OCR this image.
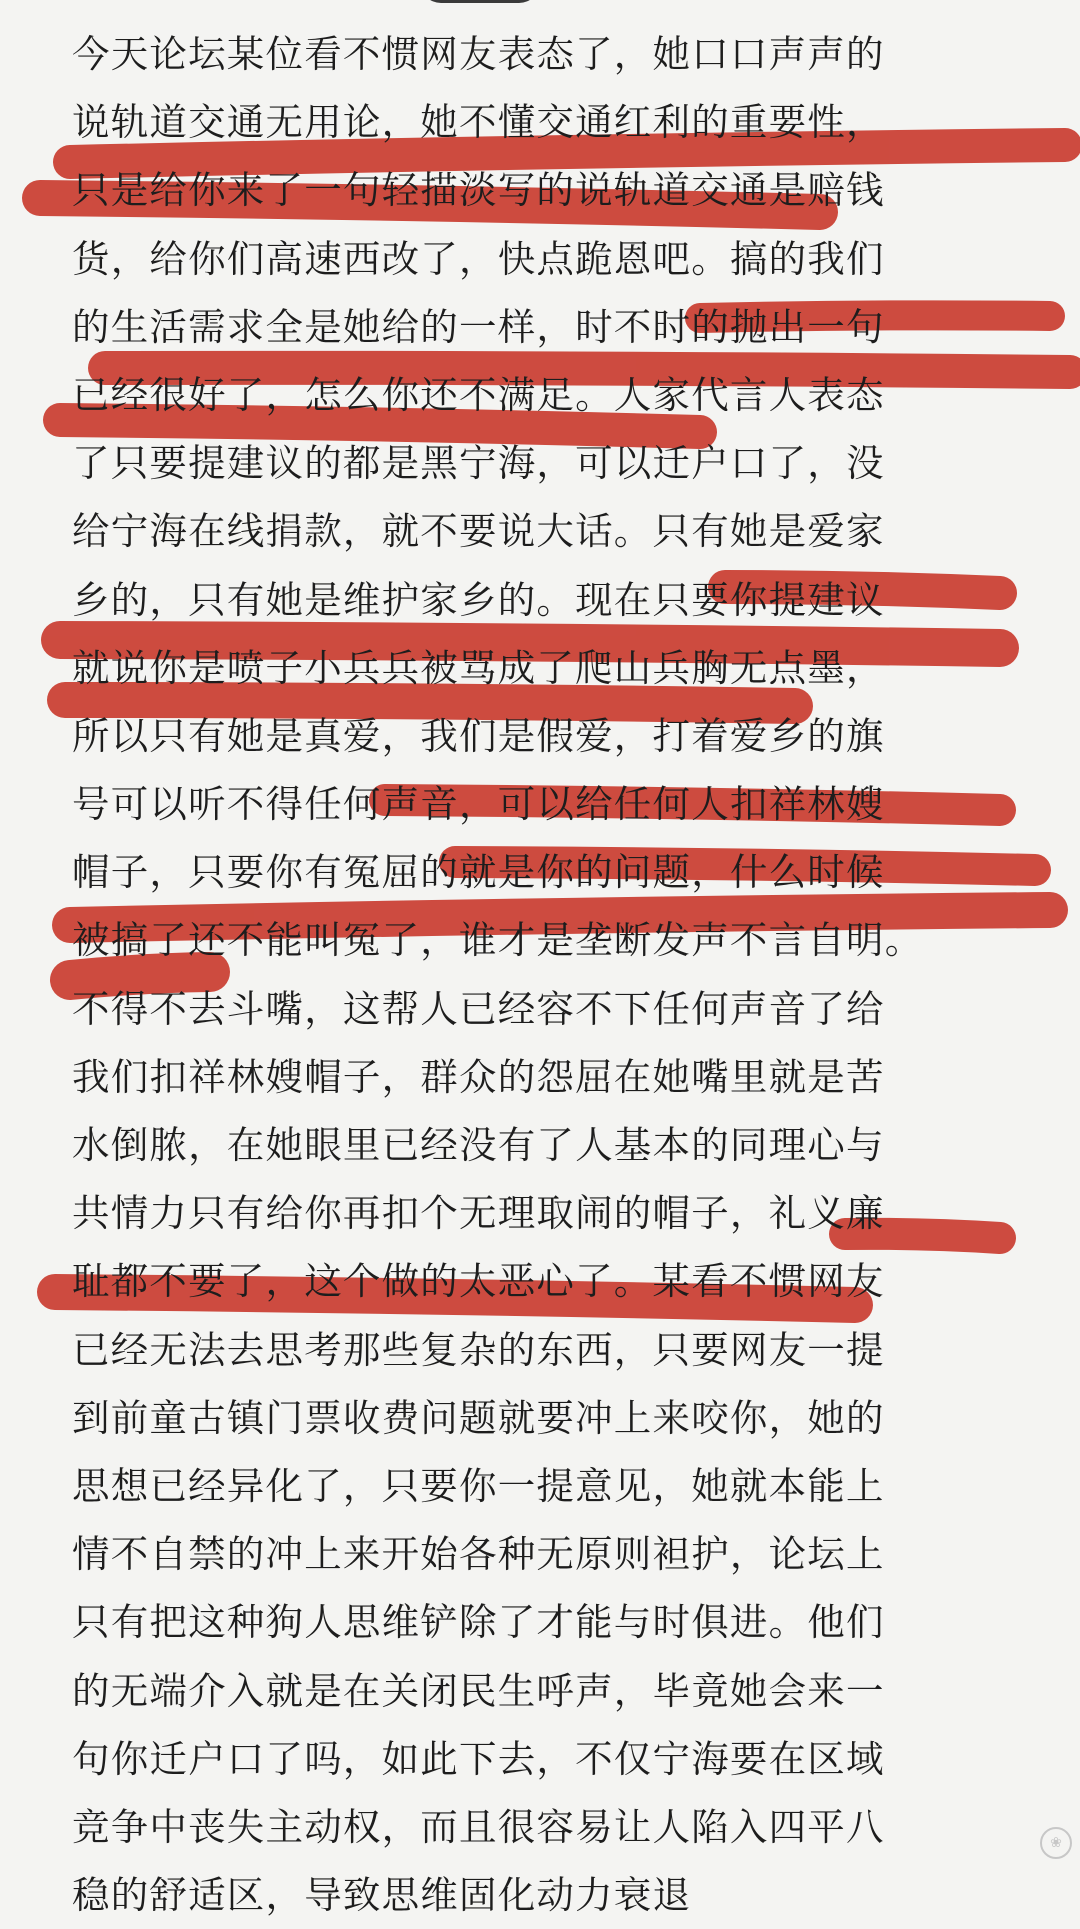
今天论坛某位看不惯网友表态了，她口口声声的
说轨道交通无用论，她不懂交通红利的重要性，
只是给你来了一句轻描淡写的说轨道交通是赔钱
货，给你们高速西改了，快点跪恩吧。搞的我们
的生活需求全是她给的一样，时不时的抛出一句
已经很好了，怎么你还不满足。人家代言人表态
了只要提建议的都是黑宁海，可以迁户口了，没
给宁海在线捐款，就不要说大话。只有她是爱家
乡的，只有她是维护家乡的。现在只要你提建议
就说你是喷子小兵兵被骂成了爬山兵胸无点墨，
所以只有她是真爱，我们是假爱，打着爱乡的旗
号可以听不得任何声音，可以给任何人扣祥林嫂
帽子，只要你有冤屈的就是你的问题，什么时候
被搞了还不能叫冤了，谁才是垄断发声不言自明。
不得不去斗嘴，这帮人已经容不下任何声音了给
我们扣祥林嫂帽子，群众的怨屈在她嘴里就是苦
水倒脓，在她眼里已经没有了人基本的同理心与
共情力只有给你再扣个无理取闹的帽子，礼义廉
耻都不要了，这个做的太恶心了。某看不惯网友
已经无法去思考那些复杂的东西，只要网友一提
到前童古镇门票收费问题就要冲上来咬你，她的
思想已经异化了，只要你一提意见，她就本能上
情不自禁的冲上来开始各种无原则袒护，论坛上
只有把这种狗人思维铲除了才能与时俱进。他们
的无端介入就是在关闭民生呼声，毕竟她会来一
句你迁户口了吗，如此下去，不仅宁海要在区域
竞争中丧失主动权，而且很容易让人陷入四平八
稳的舒适区，导致思维固化动力衰退
❀
